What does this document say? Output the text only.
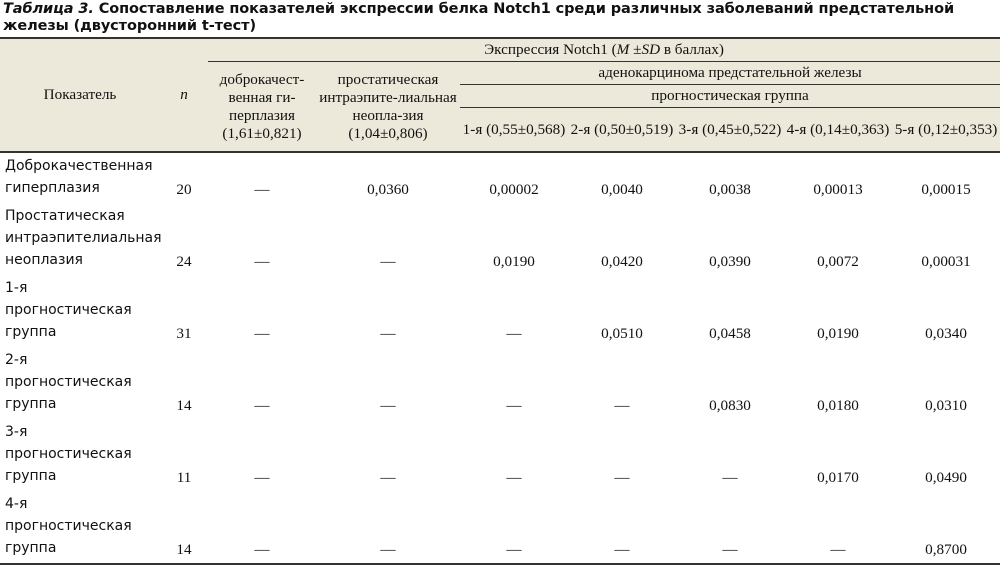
Таблица 3. Сопоставление показателей экспрессии белка Notch1 среди различных заболеваний предстательной железы (двусторонний t-тест)
Показатель	n	Экспрессия Notch1 (M ±SD в баллах)						
		доброкачест-венная ги-перплазия (1,61±0,821)	простатическая интраэпите-лиальная неопла-зия (1,04±0,806)	аденокарцинома предстательной железы				
				прогностическая группа				
				1-я (0,55±0,568)	2-я (0,50±0,519)	3-я (0,45±0,522)	4-я (0,14±0,363)	5-я (0,12±0,353)
Доброкачественная гиперплазия	20	—	0,0360	0,00002	0,0040	0,0038	0,00013	0,00015
Простатическая интраэпителиальная неоплазия	24	—	—	0,0190	0,0420	0,0390	0,0072	0,00031
1-я прогностическая группа	31	—	—	—	0,0510	0,0458	0,0190	0,0340
2-я прогностическая группа	14	—	—	—	—	0,0830	0,0180	0,0310
3-я прогностическая группа	11	—	—	—	—	—	0,0170	0,0490
4-я прогностическая группа	14	—	—	—	—	—	—	0,8700
